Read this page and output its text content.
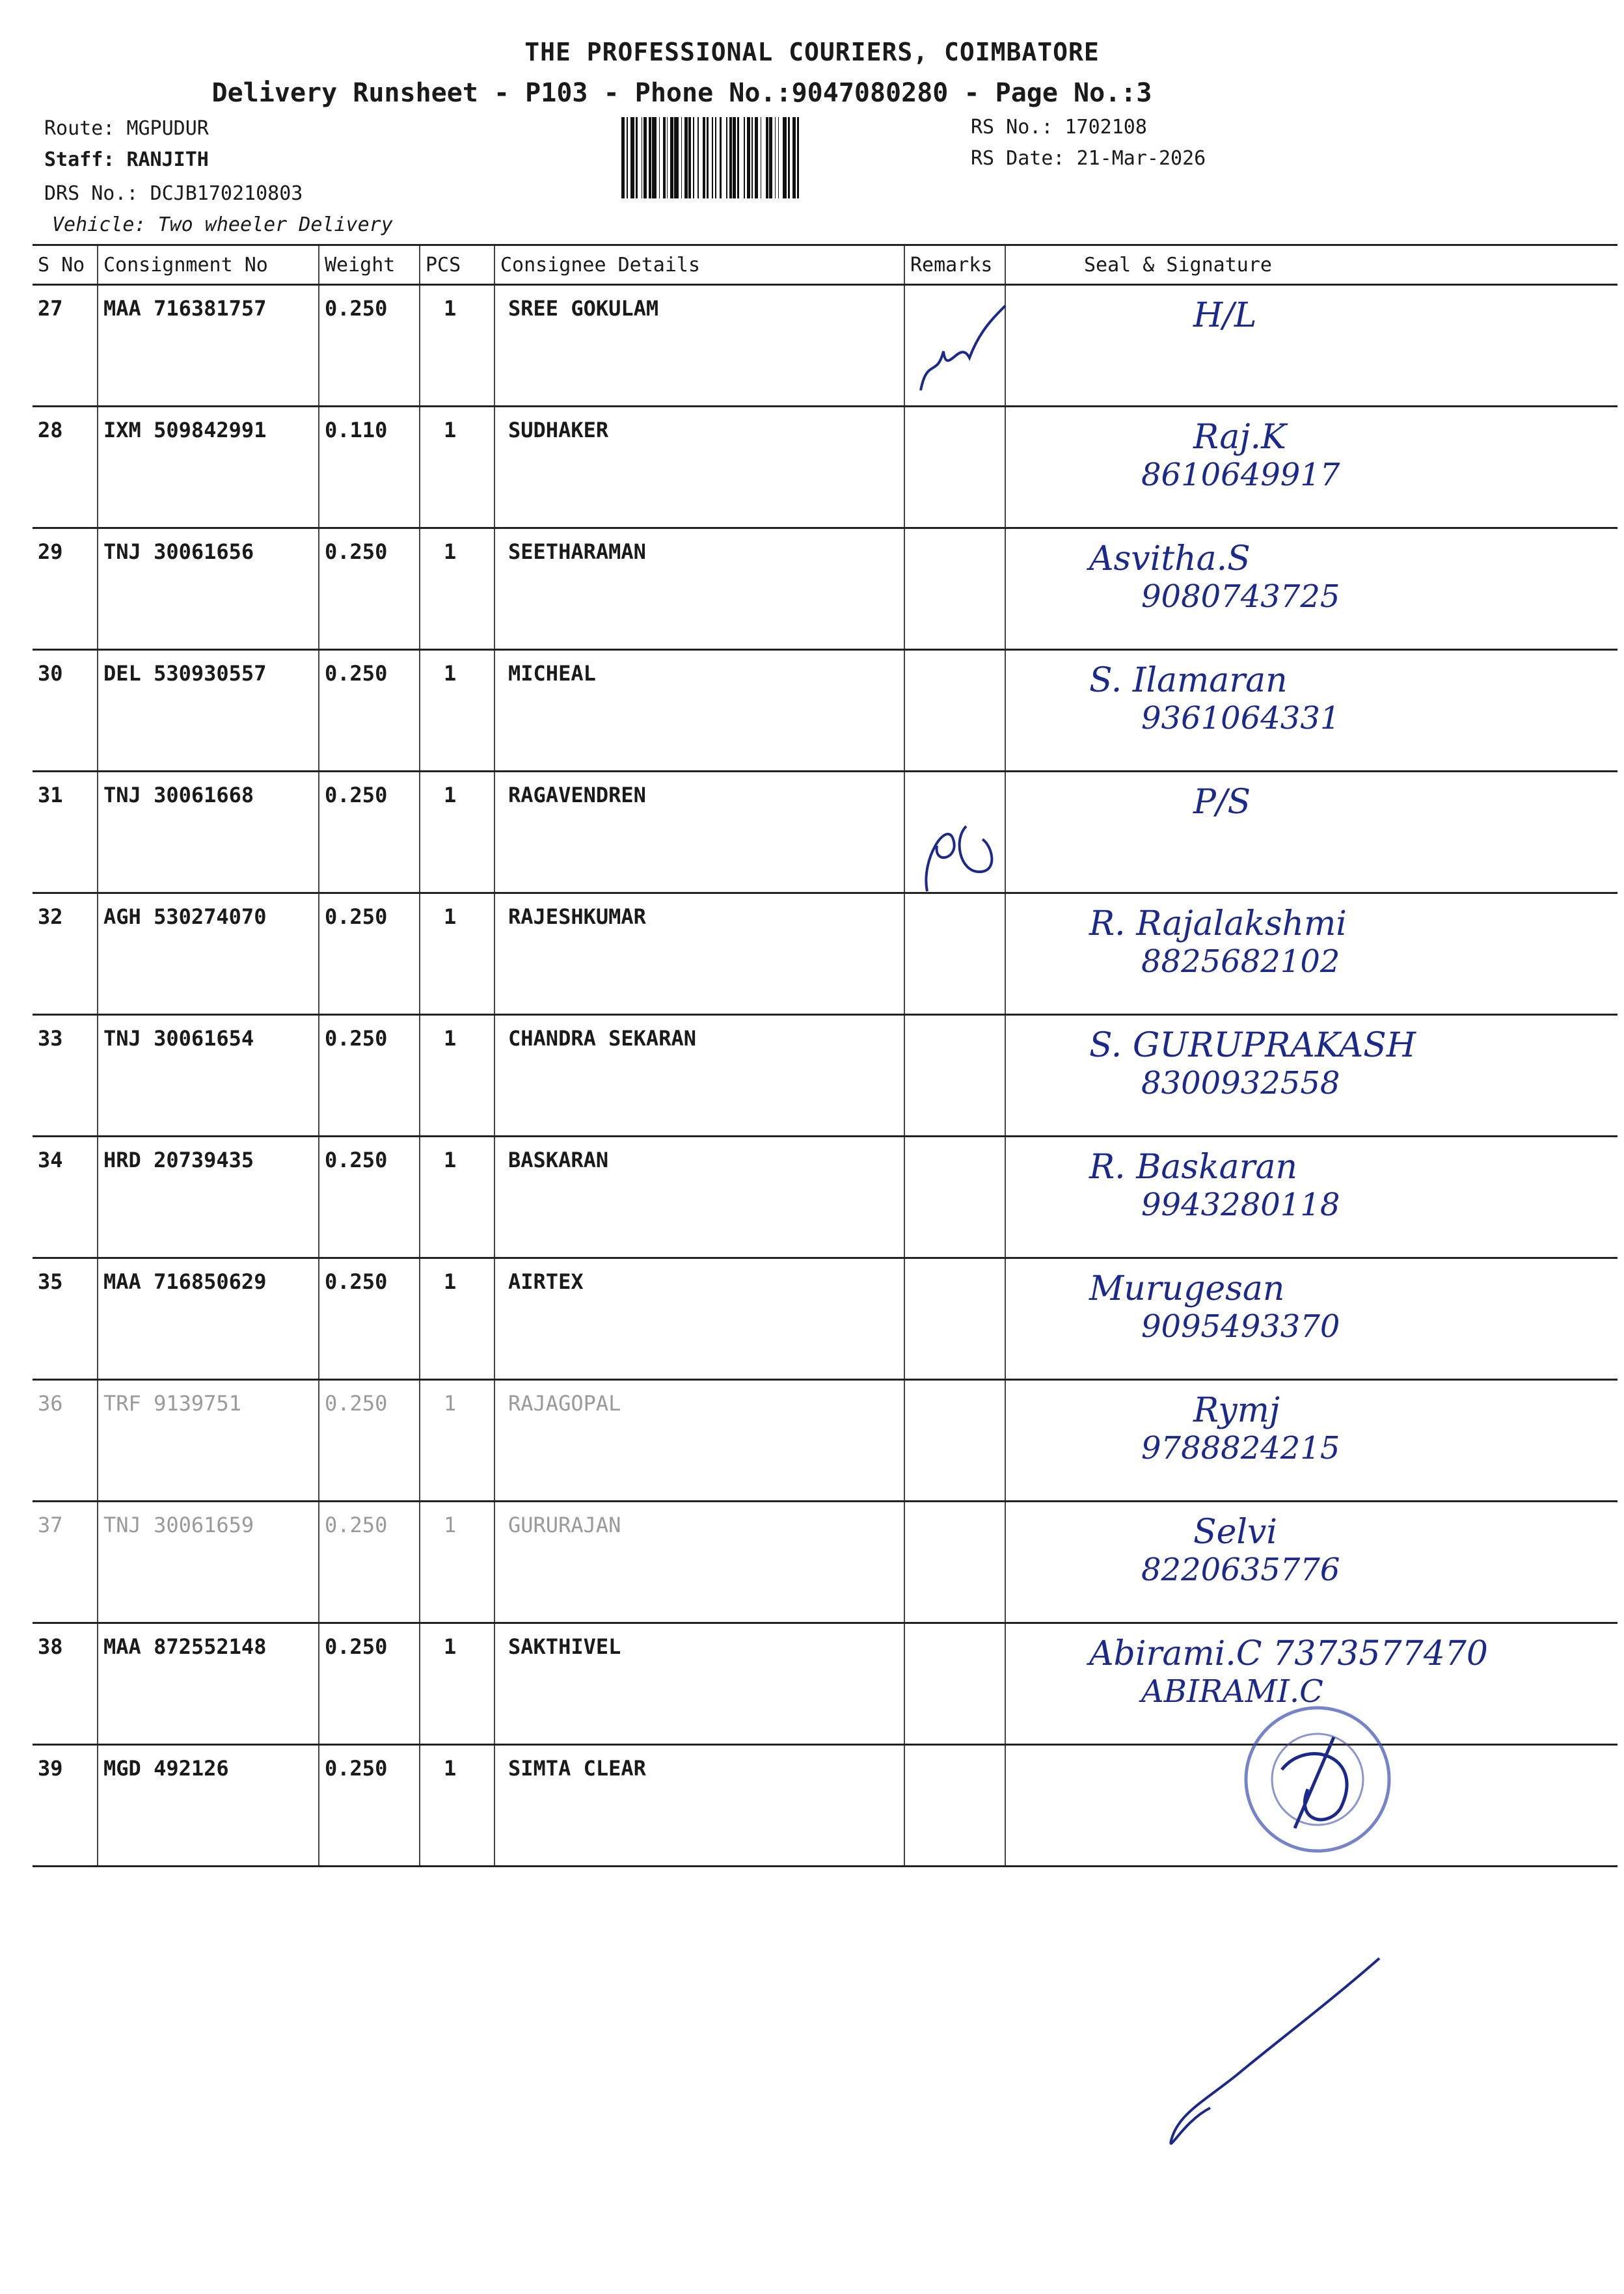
THE PROFESSIONAL COURIERS, COIMBATORE
Delivery Runsheet - P103 - Phone No.:9047080280 - Page No.:3
Route: MGPUDUR
Staff: RANJITH
DRS No.: DCJB170210803
Vehicle: Two wheeler Delivery
RS No.: 1702108
RS Date: 21-Mar-2026
S No	Consignment No	Weight	PCS	Consignee Details	Remarks	Seal & Signature
27	MAA 716381757	0.250	1	SREE GOKULAM		H/L

28	IXM 509842991	0.110	1	SUDHAKER		Raj.K
8610649917

29	TNJ 30061656	0.250	1	SEETHARAMAN		Asvitha.S
9080743725

30	DEL 530930557	0.250	1	MICHEAL		S. Ilamaran
9361064331

31	TNJ 30061668	0.250	1	RAGAVENDREN		P/S

32	AGH 530274070	0.250	1	RAJESHKUMAR		R. Rajalakshmi
8825682102

33	TNJ 30061654	0.250	1	CHANDRA SEKARAN		S. GURUPRAKASH
8300932558

34	HRD 20739435	0.250	1	BASKARAN		R. Baskaran
9943280118

35	MAA 716850629	0.250	1	AIRTEX		Murugesan
9095493370

36	TRF 9139751	0.250	1	RAJAGOPAL		Rymj
9788824215

37	TNJ 30061659	0.250	1	GURURAJAN		Selvi
8220635776

38	MAA 872552148	0.250	1	SAKTHIVEL		Abirami.C 7373577470
ABIRAMI.C

39	MGD 492126	0.250	1	SIMTA CLEAR		
